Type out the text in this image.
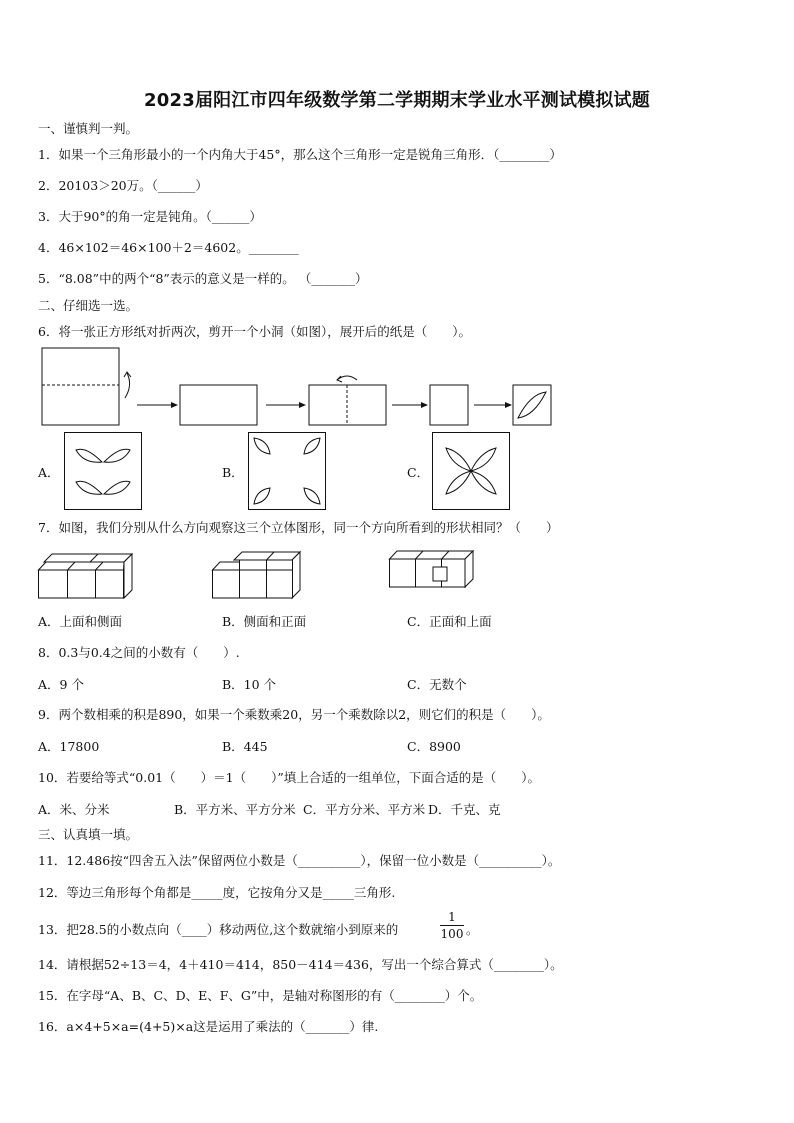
2023届阳江市四年级数学第二学期期末学业水平测试模拟试题
一、谨慎判一判。
1．如果一个三角形最小的一个内角大于45°，那么这个三角形一定是锐角三角形．（________）
2．20103＞20万。（______）
3．大于90°的角一定是钝角。（______）
4．46×102＝46×100＋2＝4602。________
5．“8.08”中的两个“8”表示的意义是一样的。 （_______）
二、仔细选一选。
6．将一张正方形纸对折两次，剪开一个小洞（如图），展开后的纸是（　　）。
A．	B．	C．
7．如图，我们分别从什么方向观察这三个立体图形，同一个方向所看到的形状相同？（　　）
A．上面和侧面	B．侧面和正面	C．正面和上面
8．0.3与0.4之间的小数有（　　）.
A．9 个	B．10 个	C．无数个
9．两个数相乘的积是890，如果一个乘数乘20，另一个乘数除以2，则它们的积是（　　）。
A．17800	B．445	C．8900
10．若要给等式“0.01（　　）＝1（　　）”填上合适的一组单位，下面合适的是（　　）。
A．米、分米	B．平方米、平方分米 C．平方分米、平方米 D．千克、克
三、认真填一填。
11．12.486按“四舍五入法”保留两位小数是（__________），保留一位小数是（__________）。
12．等边三角形每个角都是_____度，它按角分又是_____三角形.
13．把28.5的小数点向（____）移动两位,这个数就缩小到原来的
1
100 。
14．请根据52÷13＝4，4＋410＝414，850－414＝436，写出一个综合算式（________）。
15．在字母“A、B、C、D、E、F、G”中，是轴对称图形的有（________）个。
16．a×4+5×a=(4+5)×a这是运用了乘法的（_______）律.
